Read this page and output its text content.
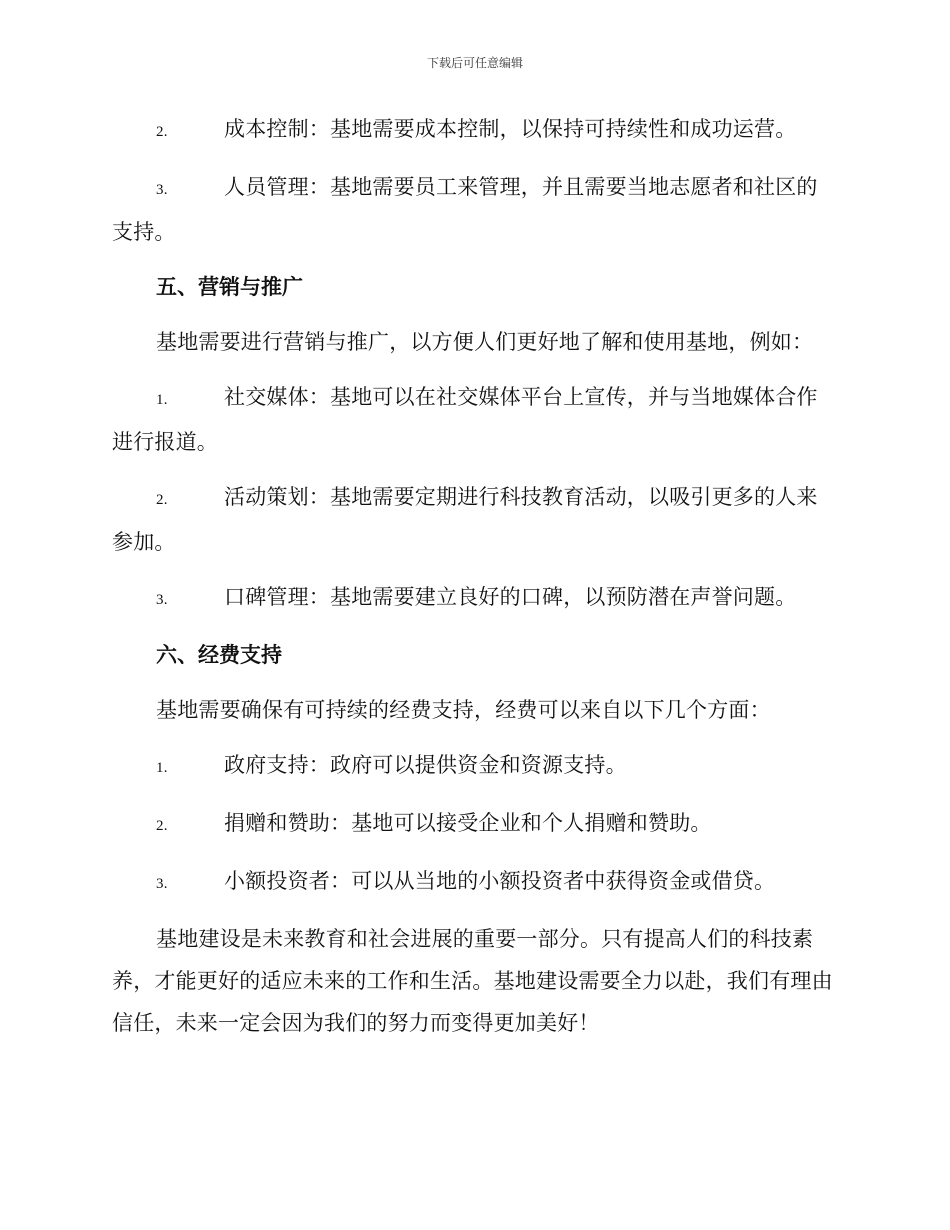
下载后可任意编辑
2.	成本控制：基地需要成本控制，以保持可持续性和成功运营。
3.	人员管理：基地需要员工来管理，并且需要当地志愿者和社区的支持。
五、营销与推广
基地需要进行营销与推广，以方便人们更好地了解和使用基地，例如：
1.	社交媒体：基地可以在社交媒体平台上宣传，并与当地媒体合作进行报道。
2.	活动策划：基地需要定期进行科技教育活动，以吸引更多的人来参加。
3.	口碑管理：基地需要建立良好的口碑，以预防潜在声誉问题。
六、经费支持
基地需要确保有可持续的经费支持，经费可以来自以下几个方面：
1.	政府支持：政府可以提供资金和资源支持。
2.	捐赠和赞助：基地可以接受企业和个人捐赠和赞助。
3.	小额投资者：可以从当地的小额投资者中获得资金或借贷。
基地建设是未来教育和社会进展的重要一部分。只有提高人们的科技素养，才能更好的适应未来的工作和生活。基地建设需要全力以赴，我们有理由信任，未来一定会因为我们的努力而变得更加美好！
